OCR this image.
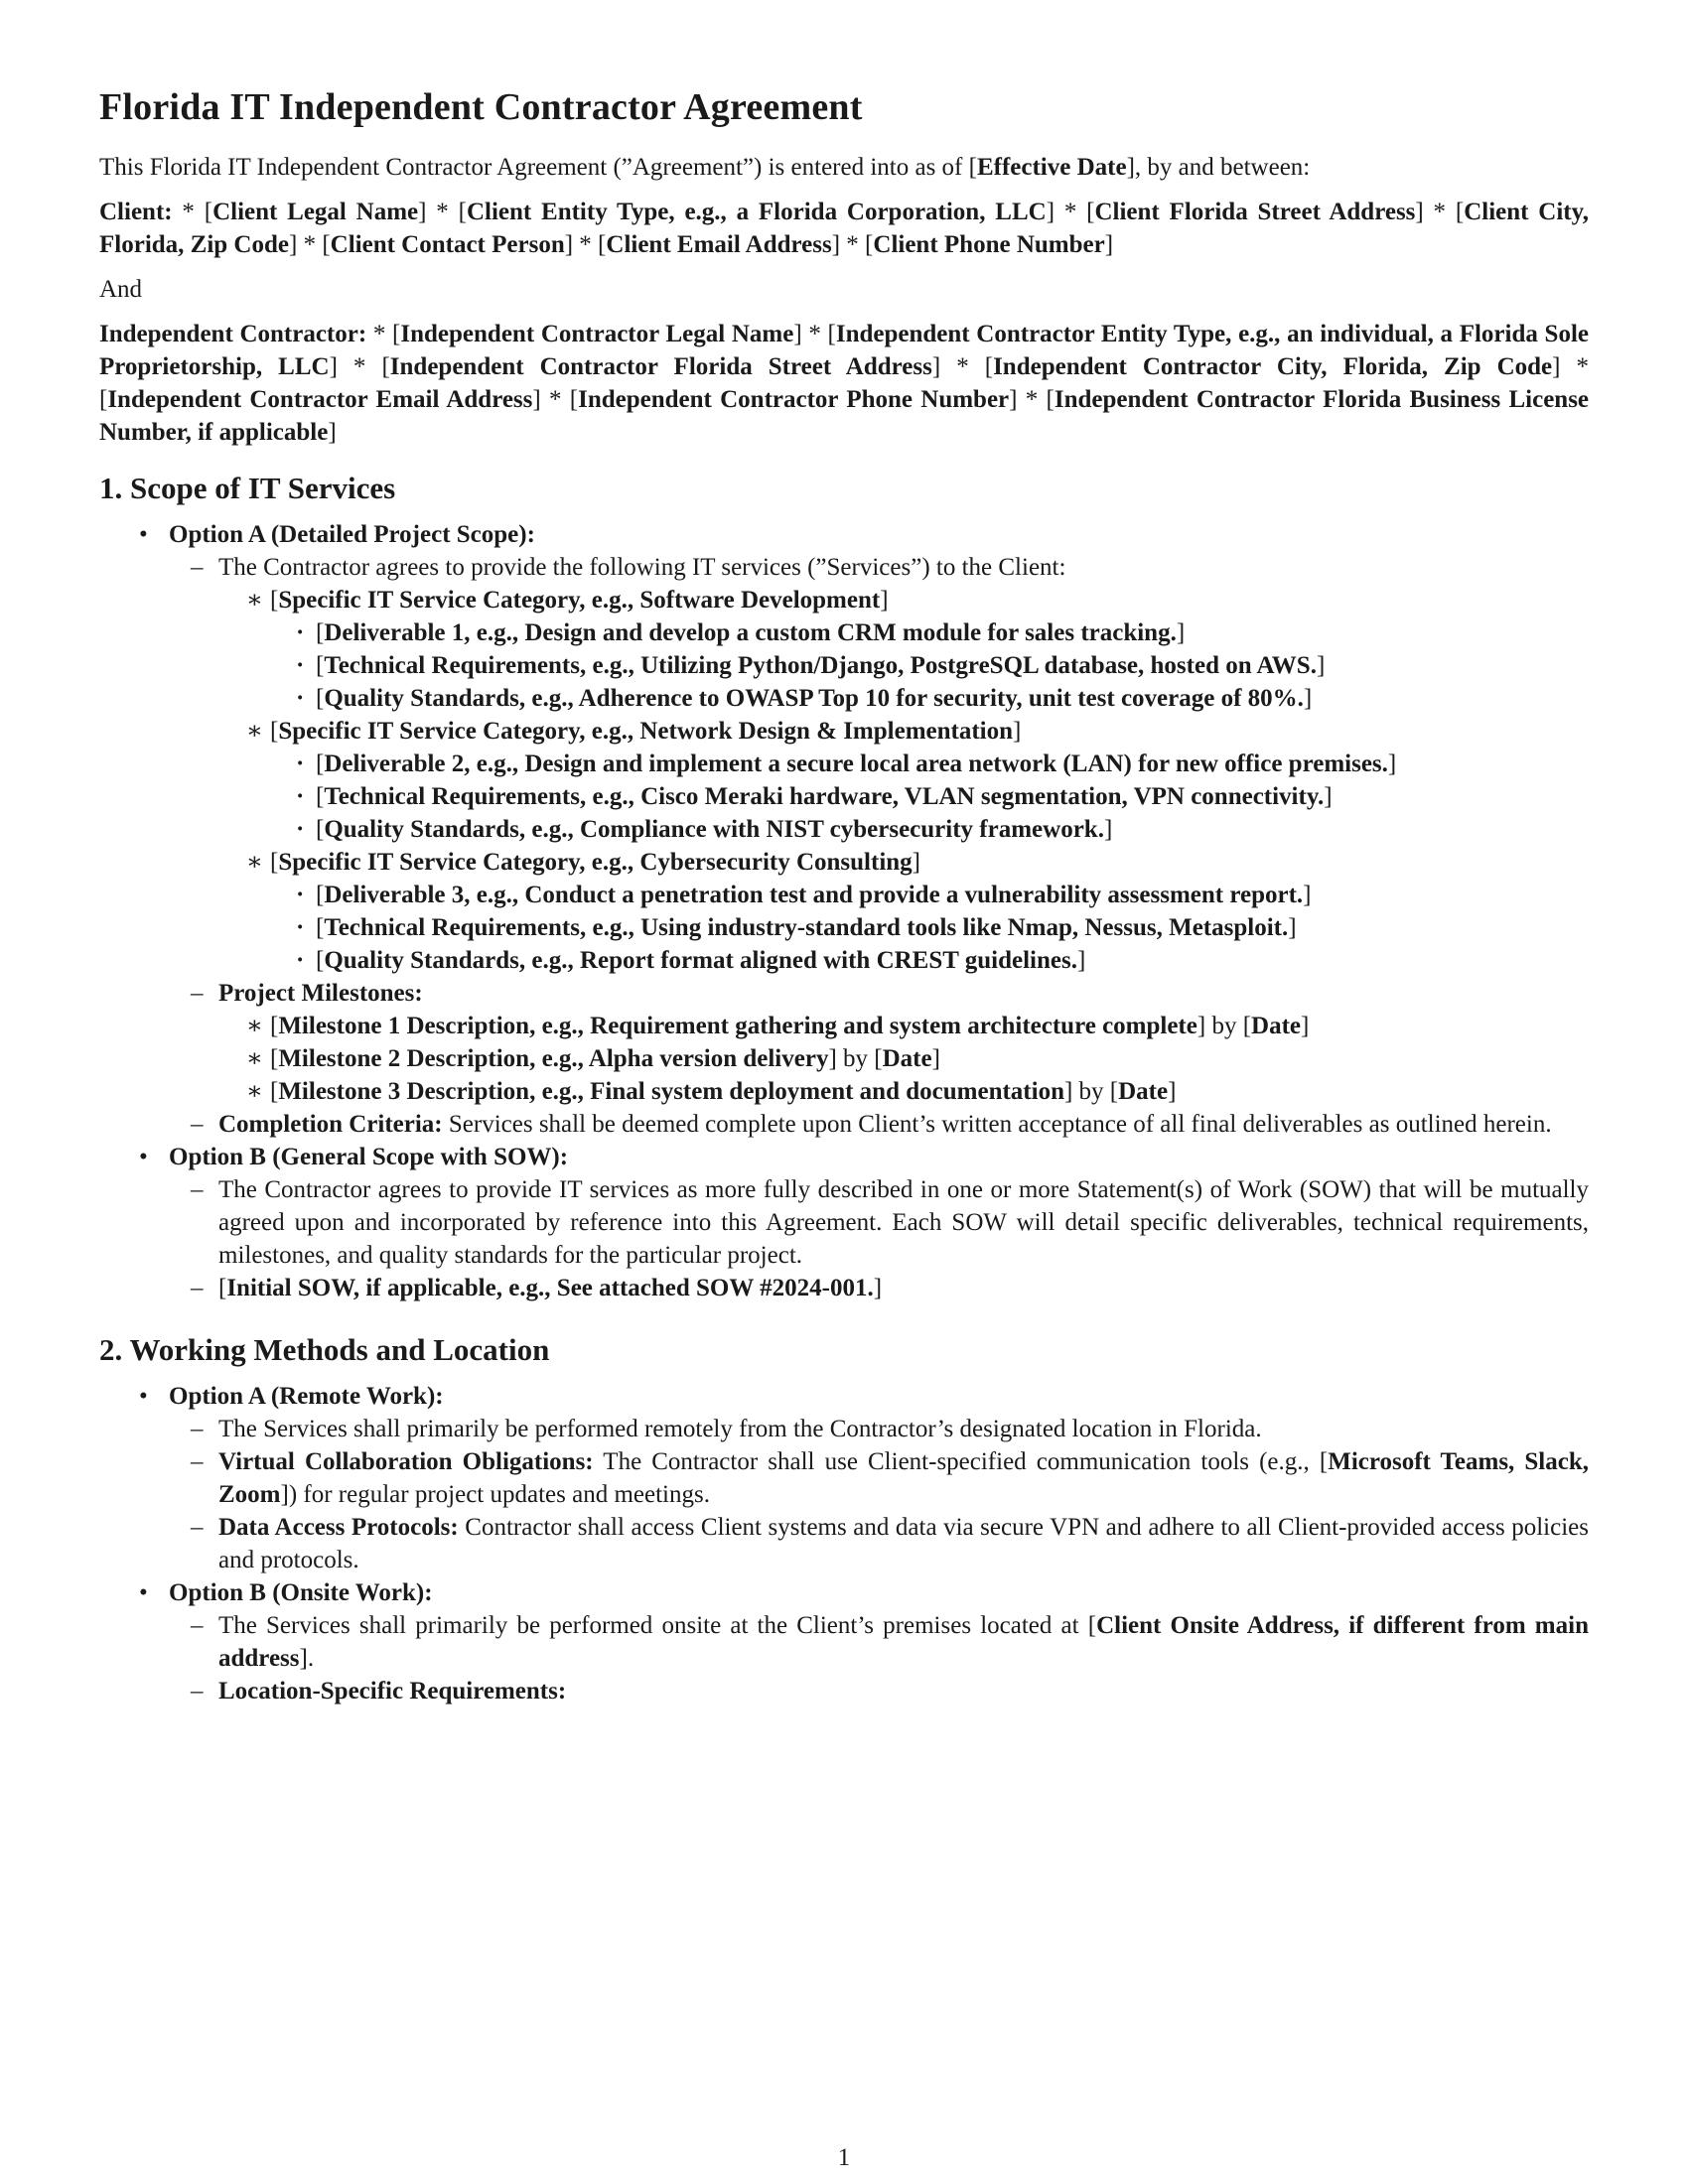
Florida IT Independent Contractor Agreement

This Florida IT Independent Contractor Agreement (”Agreement”) is entered into as of [Effective Date], by and between:

Client: * [Client Legal Name] * [Client Entity Type, e.g., a Florida Corporation, LLC] * [Client Florida Street Address] * [Client City, Florida, Zip Code] * [Client Contact Person] * [Client Email Address] * [Client Phone Number]

And

Independent Contractor: * [Independent Contractor Legal Name] * [Independent Contractor Entity Type, e.g., an individual, a Florida Sole Proprietorship, LLC] * [Independent Contractor Florida Street Address] * [Independent Contractor City, Florida, Zip Code] * [Independent Contractor Email Address] * [Independent Contractor Phone Number] * [Independent Contractor Florida Business License Number, if applicable]

1. Scope of IT Services
• Option A (Detailed Project Scope):
– The Contractor agrees to provide the following IT services (”Services”) to the Client:
∗ [Specific IT Service Category, e.g., Software Development]
· [Deliverable 1, e.g., Design and develop a custom CRM module for sales tracking.]
· [Technical Requirements, e.g., Utilizing Python/Django, PostgreSQL database, hosted on AWS.]
· [Quality Standards, e.g., Adherence to OWASP Top 10 for security, unit test coverage of 80%.]
∗ [Specific IT Service Category, e.g., Network Design & Implementation]
· [Deliverable 2, e.g., Design and implement a secure local area network (LAN) for new office premises.]
· [Technical Requirements, e.g., Cisco Meraki hardware, VLAN segmentation, VPN connectivity.]
· [Quality Standards, e.g., Compliance with NIST cybersecurity framework.]
∗ [Specific IT Service Category, e.g., Cybersecurity Consulting]
· [Deliverable 3, e.g., Conduct a penetration test and provide a vulnerability assessment report.]
· [Technical Requirements, e.g., Using industry-standard tools like Nmap, Nessus, Metasploit.]
· [Quality Standards, e.g., Report format aligned with CREST guidelines.]
– Project Milestones:
∗ [Milestone 1 Description, e.g., Requirement gathering and system architecture complete] by [Date]
∗ [Milestone 2 Description, e.g., Alpha version delivery] by [Date]
∗ [Milestone 3 Description, e.g., Final system deployment and documentation] by [Date]
– Completion Criteria: Services shall be deemed complete upon Client’s written acceptance of all final deliverables as outlined herein.
• Option B (General Scope with SOW):
– The Contractor agrees to provide IT services as more fully described in one or more Statement(s) of Work (SOW) that will be mutually agreed upon and incorporated by reference into this Agreement. Each SOW will detail specific deliverables, technical requirements, milestones, and quality standards for the particular project.
– [Initial SOW, if applicable, e.g., See attached SOW #2024-001.]
2. Working Methods and Location
• Option A (Remote Work):
– The Services shall primarily be performed remotely from the Contractor’s designated location in Florida.
– Virtual Collaboration Obligations: The Contractor shall use Client-specified communication tools (e.g., [Microsoft Teams, Slack, Zoom]) for regular project updates and meetings.
– Data Access Protocols: Contractor shall access Client systems and data via secure VPN and adhere to all Client-provided access policies and protocols.
• Option B (Onsite Work):
– The Services shall primarily be performed onsite at the Client’s premises located at [Client Onsite Address, if different from main address].
– Location-Specific Requirements:
1
